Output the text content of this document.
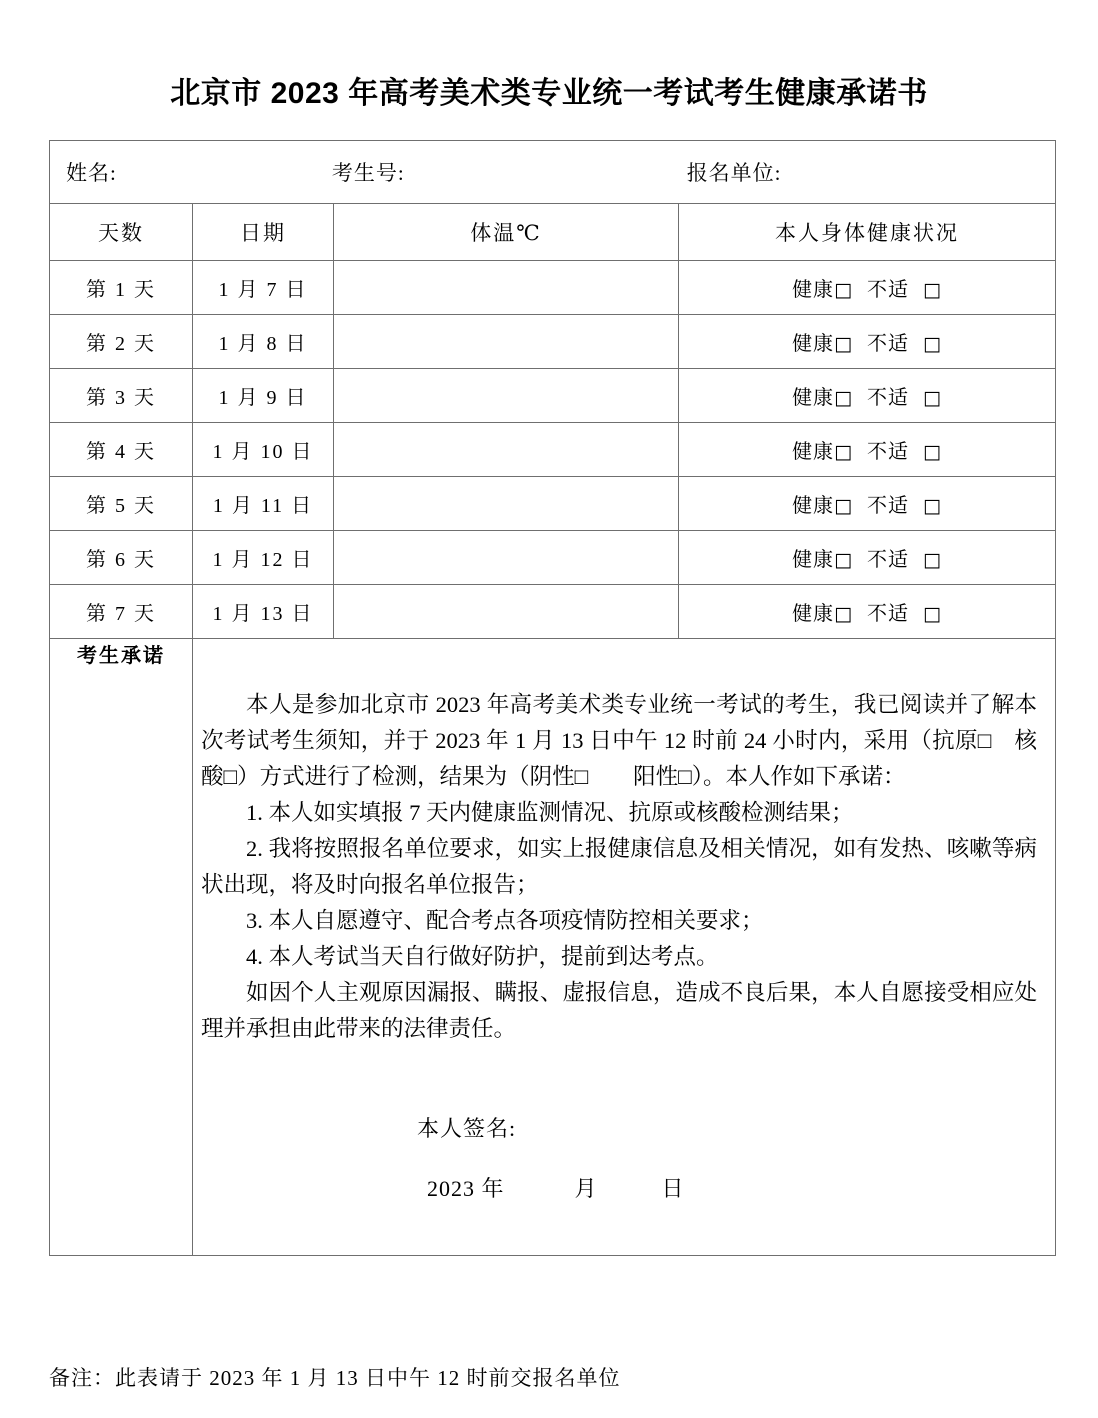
北京市 2023 年高考美术类专业统一考试考生健康承诺书
姓名: 考生号: 报名单位:			

天数	日期	体温℃	本人身体健康状况
第 1 天	1 月 7 日		健康□ 不适 □
第 2 天	1 月 8 日		健康□ 不适 □
第 3 天	1 月 9 日		健康□ 不适 □
第 4 天	1 月 10 日		健康□ 不适 □
第 5 天	1 月 11 日		健康□ 不适 □
第 6 天	1 月 12 日		健康□ 不适 □
第 7 天	1 月 13 日		健康□ 不适 □
考生承诺	

本人是参加北京市 2023 年高考美术类专业统一考试的考生，我已阅读并了解本次考试考生须知，并于 2023 年 1 月 13 日中午 12 时前 24 小时内，采用（抗原□　核酸□）方式进行了检测，结果为（阴性□　　阳性□）。本人作如下承诺：

1. 本人如实填报 7 天内健康监测情况、抗原或核酸检测结果；

2. 我将按照报名单位要求，如实上报健康信息及相关情况，如有发热、咳嗽等病状出现，将及时向报名单位报告；

3. 本人自愿遵守、配合考点各项疫情防控相关要求；

4. 本人考试当天自行做好防护，提前到达考点。

如因个人主观原因漏报、瞒报、虚报信息，造成不良后果，本人自愿接受相应处理并承担由此带来的法律责任。

本人签名:
2023 年	月	日
备注：此表请于 2023 年 1 月 13 日中午 12 时前交报名单位
